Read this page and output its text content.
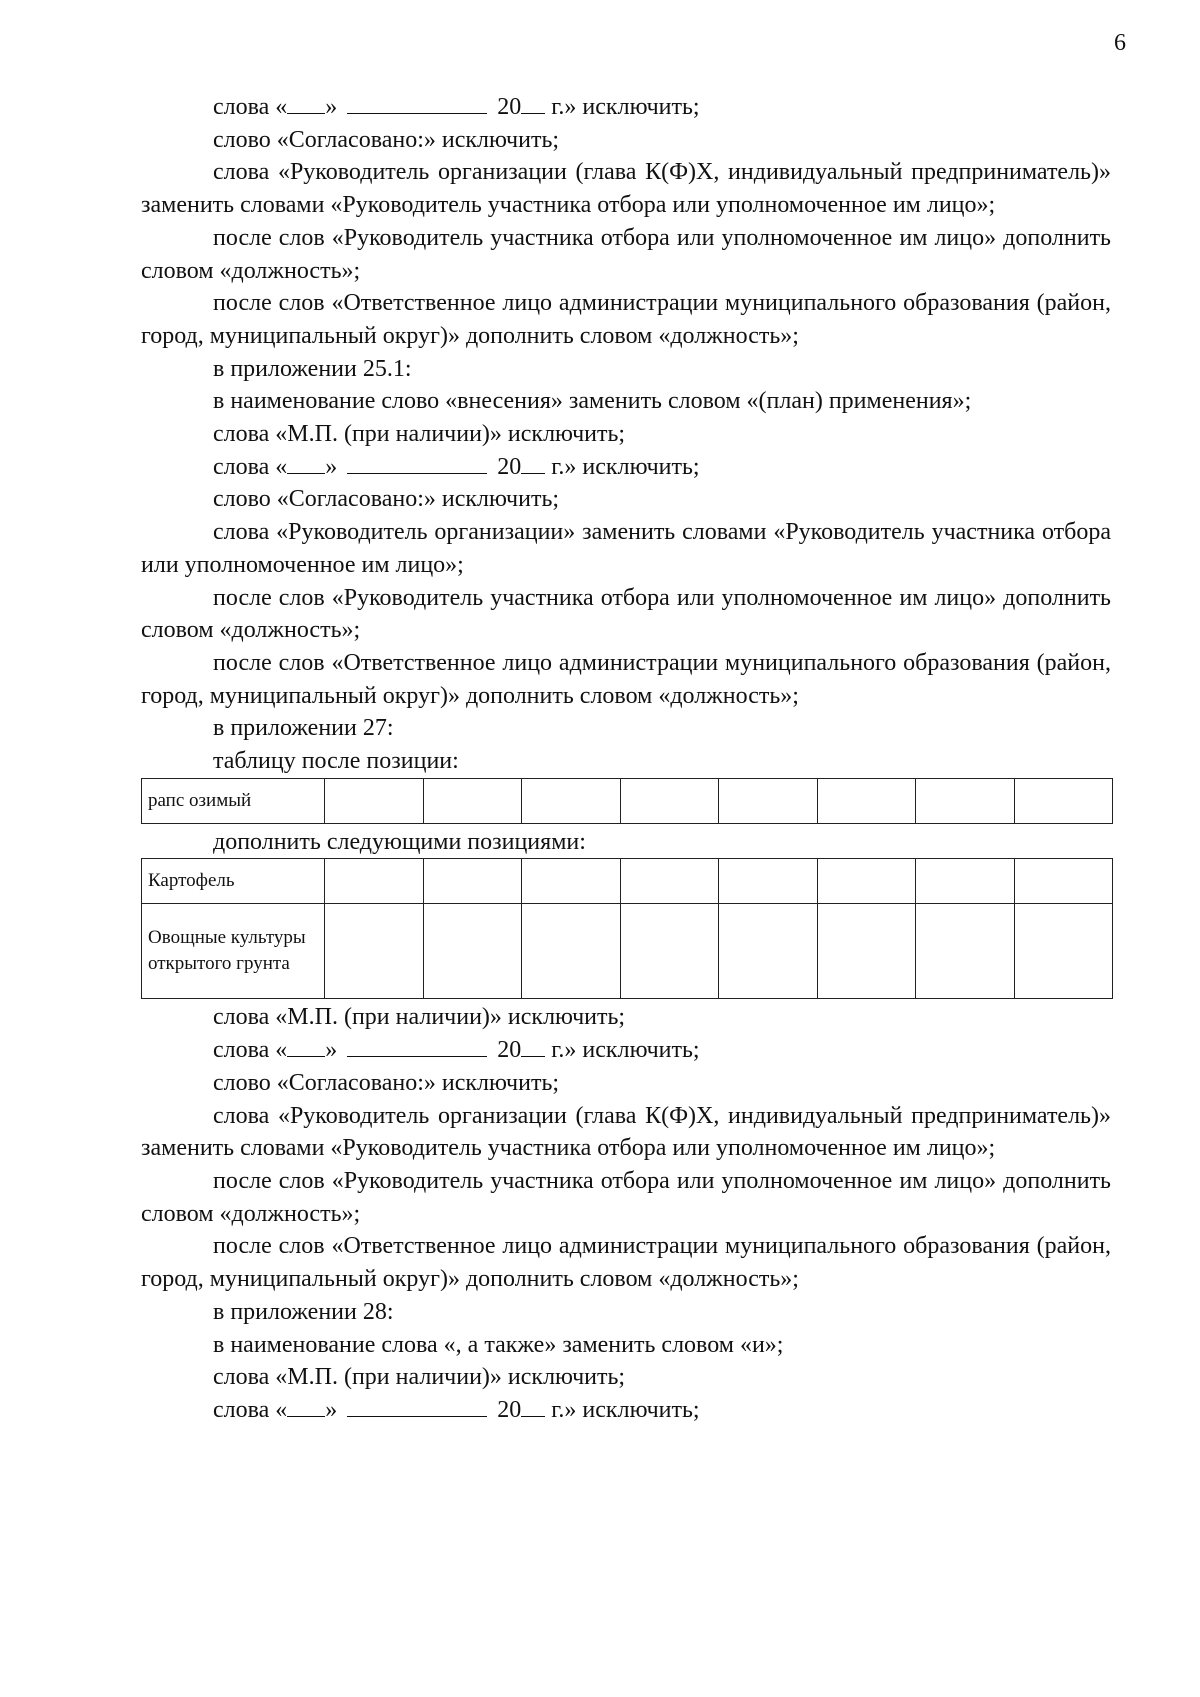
6

слова « »	20 г.» исключить;

слово «Согласовано:» исключить;

слова «Руководитель организации (глава К(Ф)Х, индивидуальный предприниматель)» заменить словами «Руководитель участника отбора или уполномоченное им лицо»;

после слов «Руководитель участника отбора или уполномоченное им лицо» дополнить словом «должность»;

после слов «Ответственное лицо администрации муниципального образования (район, город, муниципальный округ)» дополнить словом «должность»;

в приложении 25.1:

в наименование слово «внесения» заменить словом «(план) применения»;

слова «М.П. (при наличии)» исключить;

слова « »	20 г.» исключить;

слово «Согласовано:» исключить;

слова «Руководитель организации» заменить словами «Руководитель участника отбора или уполномоченное им лицо»;

после слов «Руководитель участника отбора или уполномоченное им лицо» дополнить словом «должность»;

после слов «Ответственное лицо администрации муниципального образования (район, город, муниципальный округ)» дополнить словом «должность»;

в приложении 27:

таблицу после позиции:

рапс озимый								

дополнить следующими позициями:

Картофель								
Овощные культуры открытого грунта								

слова «М.П. (при наличии)» исключить;

слова « »	20 г.» исключить;

слово «Согласовано:» исключить;

слова «Руководитель организации (глава К(Ф)Х, индивидуальный предприниматель)» заменить словами «Руководитель участника отбора или уполномоченное им лицо»;

после слов «Руководитель участника отбора или уполномоченное им лицо» дополнить словом «должность»;

после слов «Ответственное лицо администрации муниципального образования (район, город, муниципальный округ)» дополнить словом «должность»;

в приложении 28:

в наименование слова «, а также» заменить словом «и»;

слова «М.П. (при наличии)» исключить;

слова « »	20 г.» исключить;
